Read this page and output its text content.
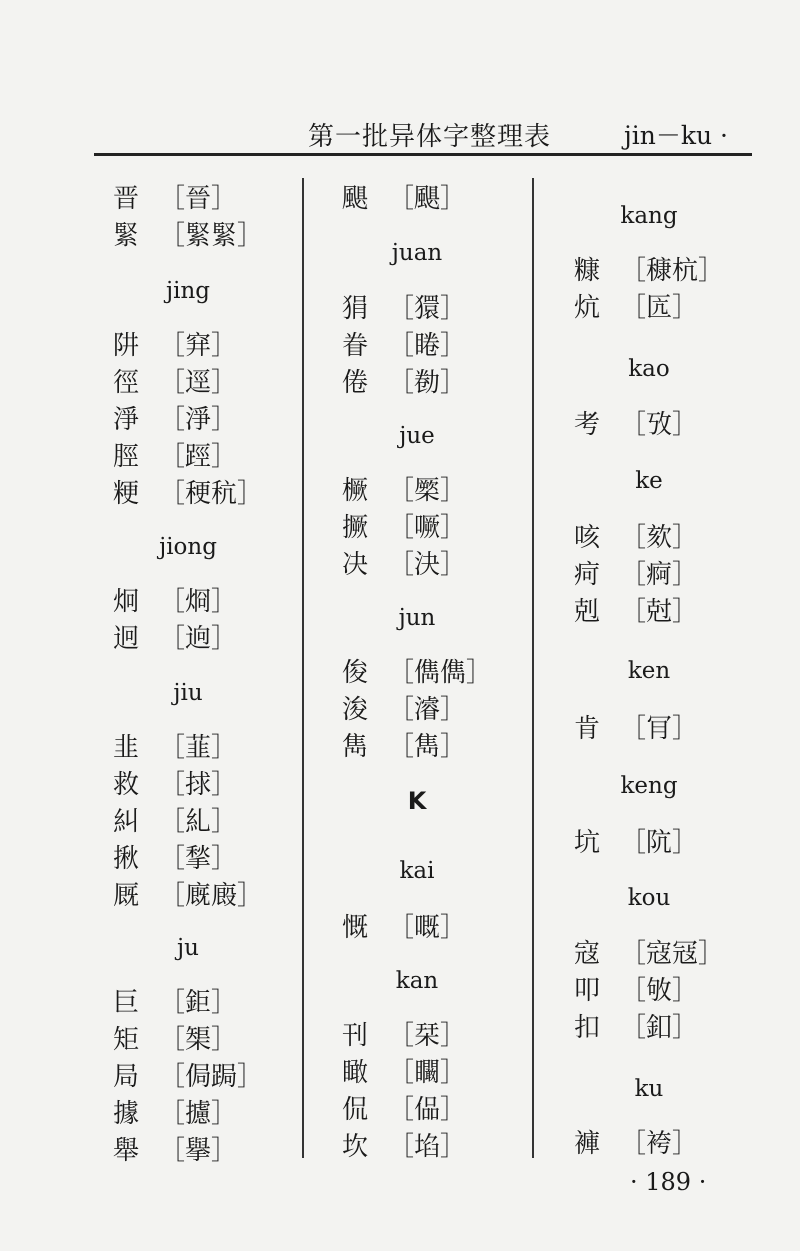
第一批异体字整理表	jin－ku ·
晋 ［晉］
緊 ［緊緊］
jing
阱 ［穽］
徑 ［逕］
淨 ［淨］
脛 ［踁］
粳 ［稉秔］
jiong
炯 ［烱］
迥 ［逈］
jiu
韭 ［韮］
救 ［捄］
糾 ［糺］
揪 ［揫］
厩 ［廐廄］
ju
巨 ［鉅］
矩 ［榘］
局 ［侷跼］
據 ［攄］
舉 ［擧］
颶 ［颶］
juan
狷 ［獧］
眷 ［睠］
倦 ［勌］
jue
橛 ［橜］
撅 ［噘］
决 ［決］
jun
俊 ［儁儁］
浚 ［濬］
雋 ［雋］
K
kai
慨 ［嘅］
kan
刊 ［栞］
瞰 ［矙］
侃 ［偘］
坎 ［埳］
kang
糠 ［穅杭］
炕 ［匟］
kao
考 ［攷］
ke
咳 ［欬］
疴 ［痾］
剋 ［尅］
ken
肯 ［肎］
keng
坑 ［阬］
kou
寇 ［寇冦］
叩 ［敂］
扣 ［釦］
ku
褲 ［袴］
· 189 ·
